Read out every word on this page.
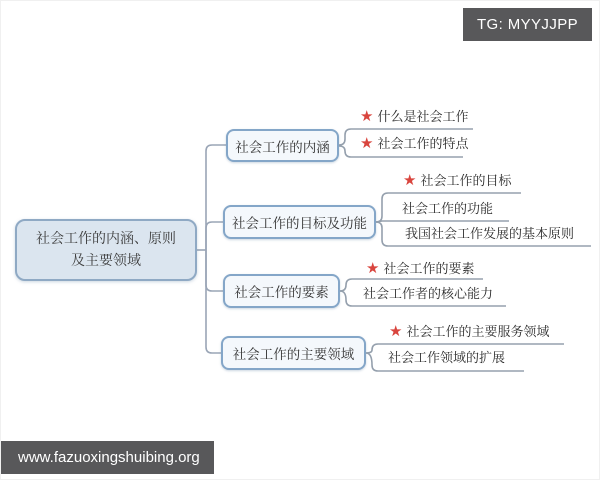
社会工作的内涵、原则及主要领域
社会工作的内涵
社会工作的目标及功能
社会工作的要素
社会工作的主要领域
★ 什么是社会工作
★ 社会工作的特点
★ 社会工作的目标
社会工作的功能
我国社会工作发展的基本原则
★ 社会工作的要素
社会工作者的核心能力
★ 社会工作的主要服务领域
社会工作领域的扩展
TG: MYYJJPP
www.fazuoxingshuibing.org
